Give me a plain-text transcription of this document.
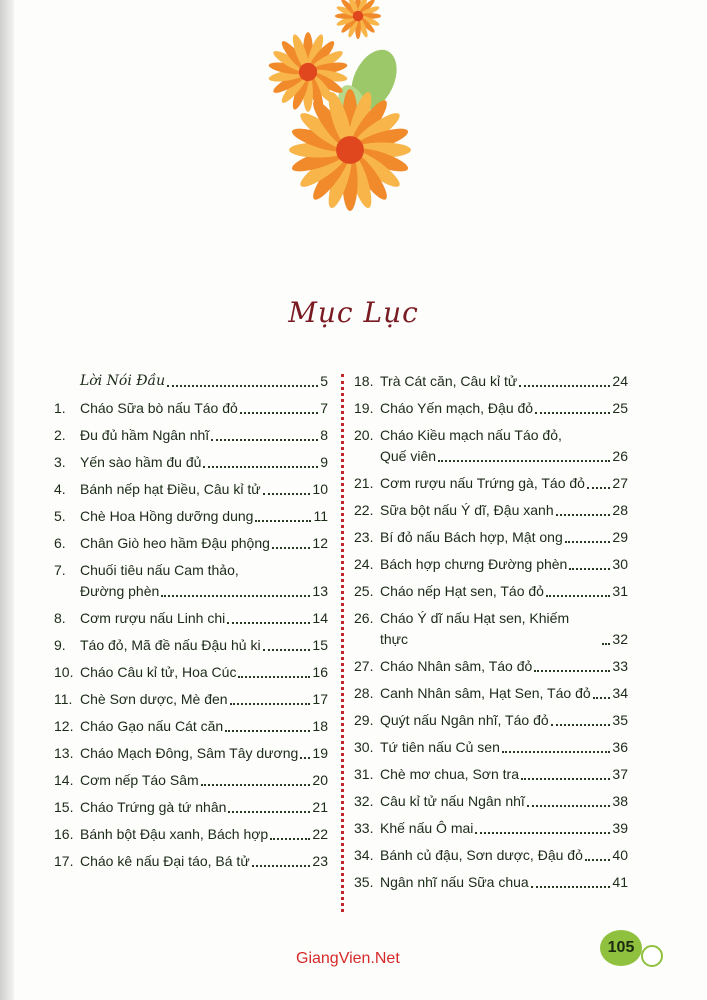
Mục Lục
Lời Nói Đầu	5
1.	Cháo Sữa bò nấu Táo đỏ	7
2.	Đu đủ hầm Ngân nhĩ	8
3.	Yến sào hầm đu đủ	9
4.	Bánh nếp hạt Điều, Câu kỉ tử	10
5.	Chè Hoa Hồng dưỡng dung	11
6.	Chân Giò heo hầm Đậu phộng	12
7.	Chuối tiêu nấu Cam thảo,
Đường phèn	13
8.	Cơm rượu nấu Linh chi	14
9.	Táo đỏ, Mã đề nấu Đậu hủ ki	15
10. Cháo Câu kỉ tử, Hoa Cúc	16
11. Chè Sơn dược, Mè đen	17
12. Cháo Gạo nấu Cát căn	18
13. Cháo Mạch Đông, Sâm Tây dương 19
14. Cơm nếp Táo Sâm	20
15. Cháo Trứng gà tứ nhân	21
16. Bánh bột Đậu xanh, Bách hợp	22
17. Cháo kê nấu Đại táo, Bá tử	23
18. Trà Cát căn, Câu kỉ tử	24
19. Cháo Yến mạch, Đậu đỏ	25
20. Cháo Kiều mạch nấu Táo đỏ,
Quế viên	26
21. Cơm rượu nấu Trứng gà, Táo đỏ 27
22. Sữa bột nấu Ý dĩ, Đậu xanh	28
23. Bí đỏ nấu Bách hợp, Mật ong	29
24. Bách hợp chưng Đường phèn	30
25. Cháo nếp Hạt sen, Táo đỏ	31
26. Cháo Ý dĩ nấu Hạt sen, Khiếm thực	32
27. Cháo Nhân sâm, Táo đỏ	33
28. Canh Nhân sâm, Hạt Sen, Táo đỏ 34
29. Quýt nấu Ngân nhĩ, Táo đỏ	35
30. Tứ tiên nấu Củ sen	36
31. Chè mơ chua, Sơn tra	37
32. Câu kỉ tử nấu Ngân nhĩ	38
33. Khế nấu Ô mai	39
34. Bánh củ đậu, Sơn dược, Đậu đỏ 40
35. Ngân nhĩ nấu Sữa chua	41
GiangVien.Net
105
